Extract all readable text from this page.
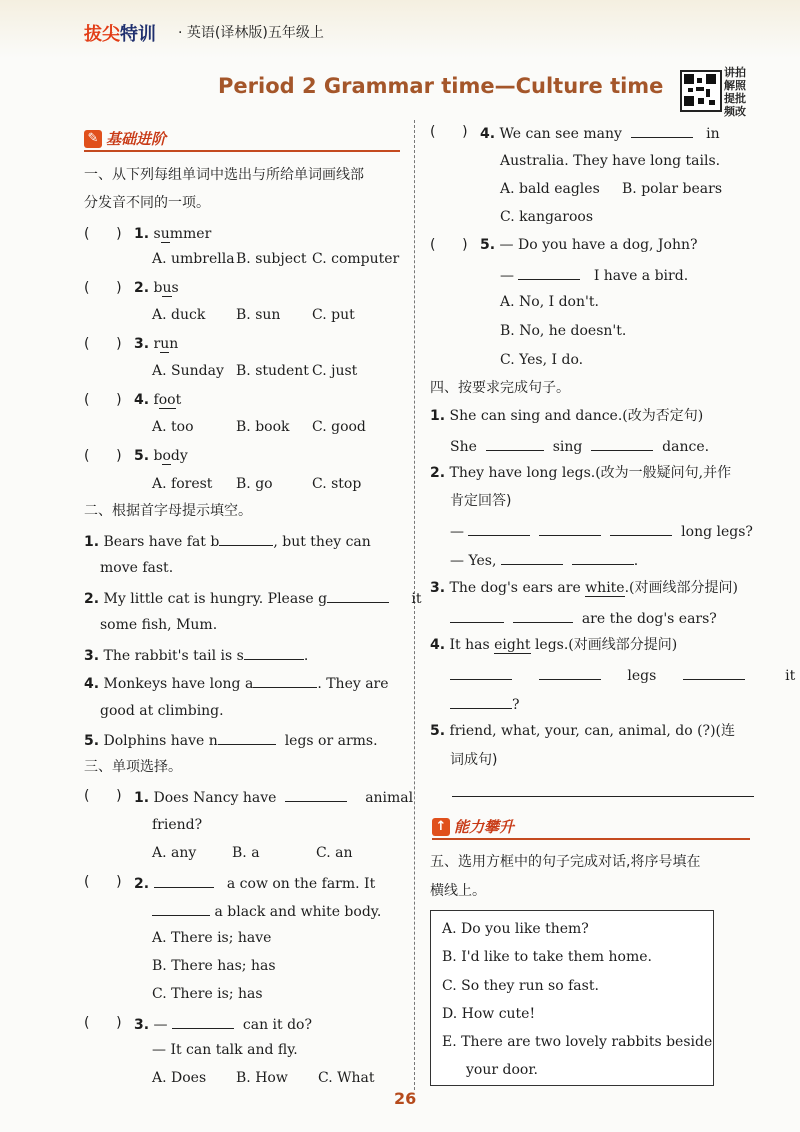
拔尖特训 · 英语(译林版)五年级上
Period 2 Grammar time—Culture time
讲拍
解照
提批
频改
✎ 基础进阶
一、从下列每组单词中选出与所给单词画线部
分发音不同的一项。
(      ) 1. summer
A. umbrella B. subject C. computer
(      ) 2. bus
A. duck B. sun C. put
(      ) 3. run
A. Sunday B. student C. just
(      ) 4. foot
A. too	B. book C. good
(      ) 5. body
A. forest B. go	C. stop
二、根据首字母提示填空。
1. Bears have fat b	, but they can
move fast.
2. My little cat is hungry. Please g	it
some fish, Mum.
3. The rabbit's tail is s	.
4. Monkeys have long a	. They are
good at climbing.
5. Dolphins have n	legs or arms.
三、单项选择。
(      ) 1. Does Nancy have	animal
friend?
A. any	B. a	C. an
(      ) 2.	a cow on the farm. It
a black and white body.
A. There is; have
B. There has; has
C. There is; has
(      ) 3. —	can it do?
— It can talk and fly.
A. Does B. How C. What
(      ) 4. We can see many	in
Australia. They have long tails.
A. bald eagles B. polar bears
C. kangaroos
(      ) 5. — Do you have a dog, John?
—	I have a bird.
A. No, I don't.
B. No, he doesn't.
C. Yes, I do.
四、按要求完成句子。
1. She can sing and dance.(改为否定句)
She	sing	dance.
2. They have long legs.(改为一般疑问句,并作
肯定回答)
—	long legs?
— Yes,	.
3. The dog's ears are white.(对画线部分提问)
are the dog's ears?
4. It has eight legs.(对画线部分提问)
legs	it
?
5. friend, what, your, can, animal, do (?)(连
词成句)
↑ 能力攀升
五、选用方框中的句子完成对话,将序号填在
横线上。
A. Do you like them?
B. I'd like to take them home.
C. So they run so fast.
D. How cute!
E. There are two lovely rabbits beside
your door.
26
